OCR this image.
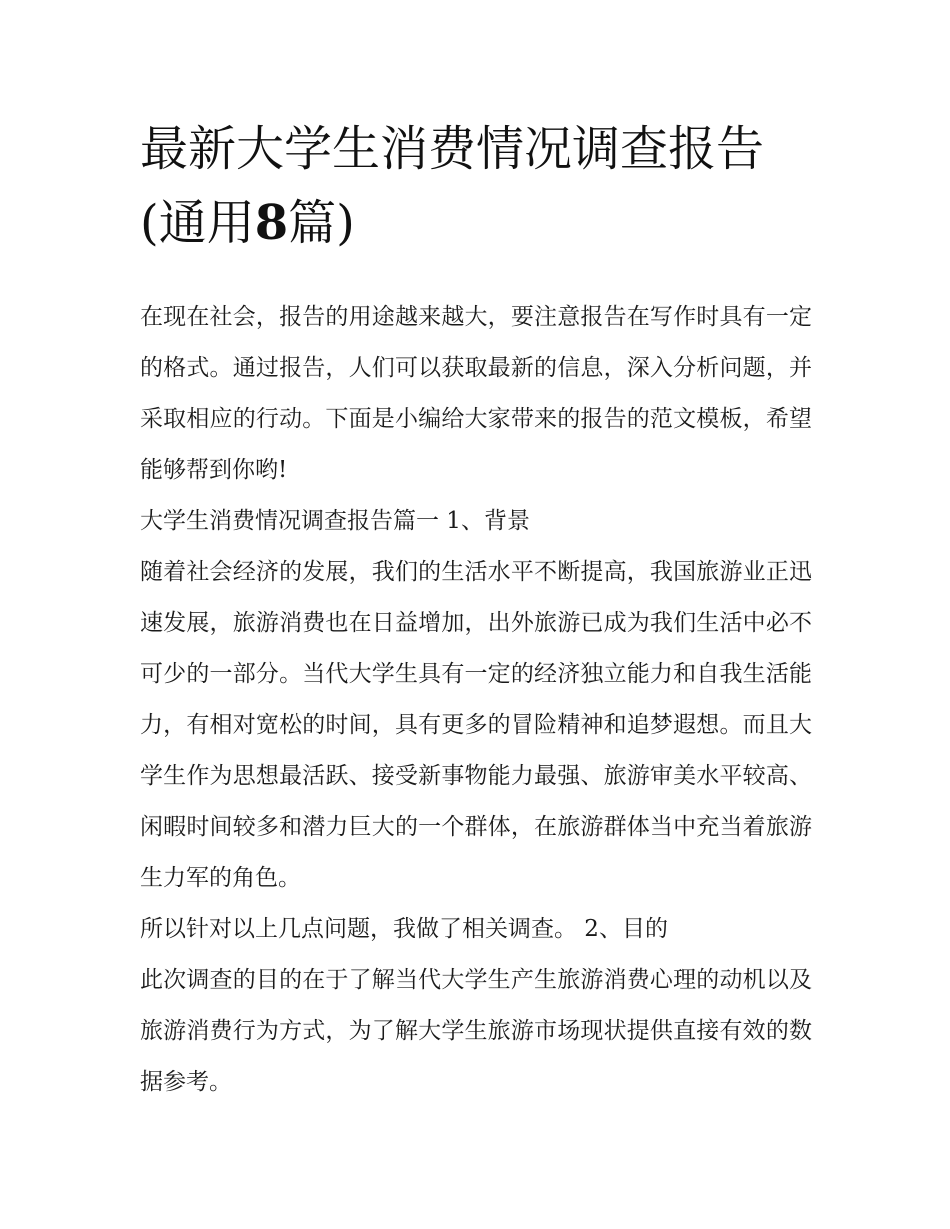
最新大学生消费情况调查报告
(通用8篇)

在现在社会，报告的用途越来越大，要注意报告在写作时具有一定的格式。通过报告，人们可以获取最新的信息，深入分析问题，并采取相应的行动。下面是小编给大家带来的报告的范文模板，希望能够帮到你哟!

大学生消费情况调查报告篇一 1、背景

随着社会经济的发展，我们的生活水平不断提高，我国旅游业正迅速发展，旅游消费也在日益增加，出外旅游已成为我们生活中必不可少的一部分。当代大学生具有一定的经济独立能力和自我生活能力，有相对宽松的时间，具有更多的冒险精神和追梦遐想。而且大学生作为思想最活跃、接受新事物能力最强、旅游审美水平较高、闲暇时间较多和潜力巨大的一个群体，在旅游群体当中充当着旅游生力军的角色。

所以针对以上几点问题，我做了相关调查。 2、目的

此次调查的目的在于了解当代大学生产生旅游消费心理的动机以及旅游消费行为方式，为了解大学生旅游市场现状提供直接有效的数据参考。
